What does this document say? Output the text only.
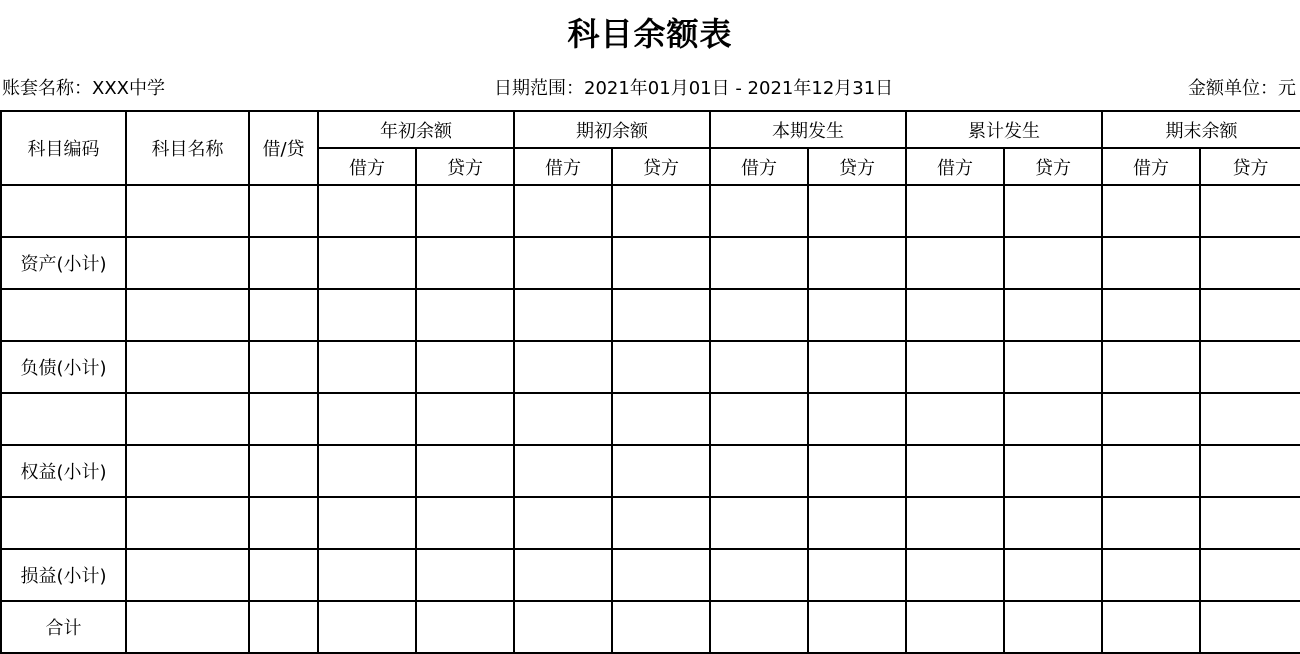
科目余额表
账套名称：XXX中学	日期范围：2021年01月01日 - 2021年12月31日	金额单位：元
科目编码	科目名称	借/贷	年初余额		期初余额		本期发生		累计发生		期末余额	
			借方	贷方	借方	贷方	借方	贷方	借方	贷方	借方	贷方

资产(小计)												

负债(小计)												

权益(小计)												

损益(小计)												
合计												
